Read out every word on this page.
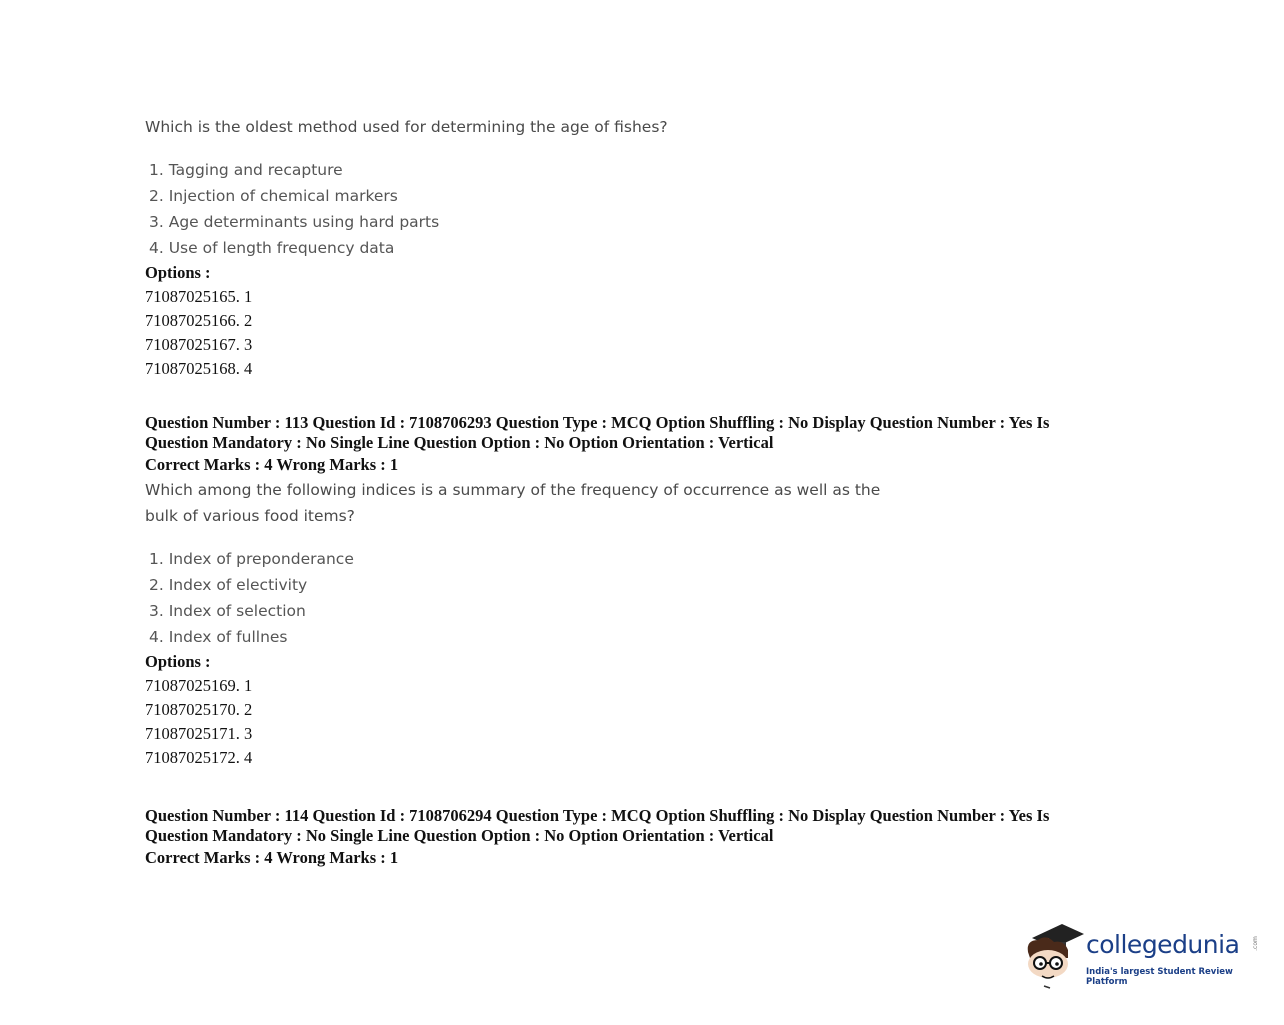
Which is the oldest method used for determining the age of fishes?

1. Tagging and recapture
2. Injection of chemical markers
3. Age determinants using hard parts
4. Use of length frequency data
Options :
71087025165. 1
71087025166. 2
71087025167. 3
71087025168. 4
Question Number : 113 Question Id : 7108706293 Question Type : MCQ Option Shuffling : No Display Question Number : Yes Is
Question Mandatory : No Single Line Question Option : No Option Orientation : Vertical
Correct Marks : 4 Wrong Marks : 1

Which among the following indices is a summary of the frequency of occurrence as well as the
bulk of various food items?

1. Index of preponderance
2. Index of electivity
3. Index of selection
4. Index of fullnes
Options :
71087025169. 1
71087025170. 2
71087025171. 3
71087025172. 4
Question Number : 114 Question Id : 7108706294 Question Type : MCQ Option Shuffling : No Display Question Number : Yes Is
Question Mandatory : No Single Line Question Option : No Option Orientation : Vertical
Correct Marks : 4 Wrong Marks : 1
collegedunia .com
India's largest Student Review Platform
